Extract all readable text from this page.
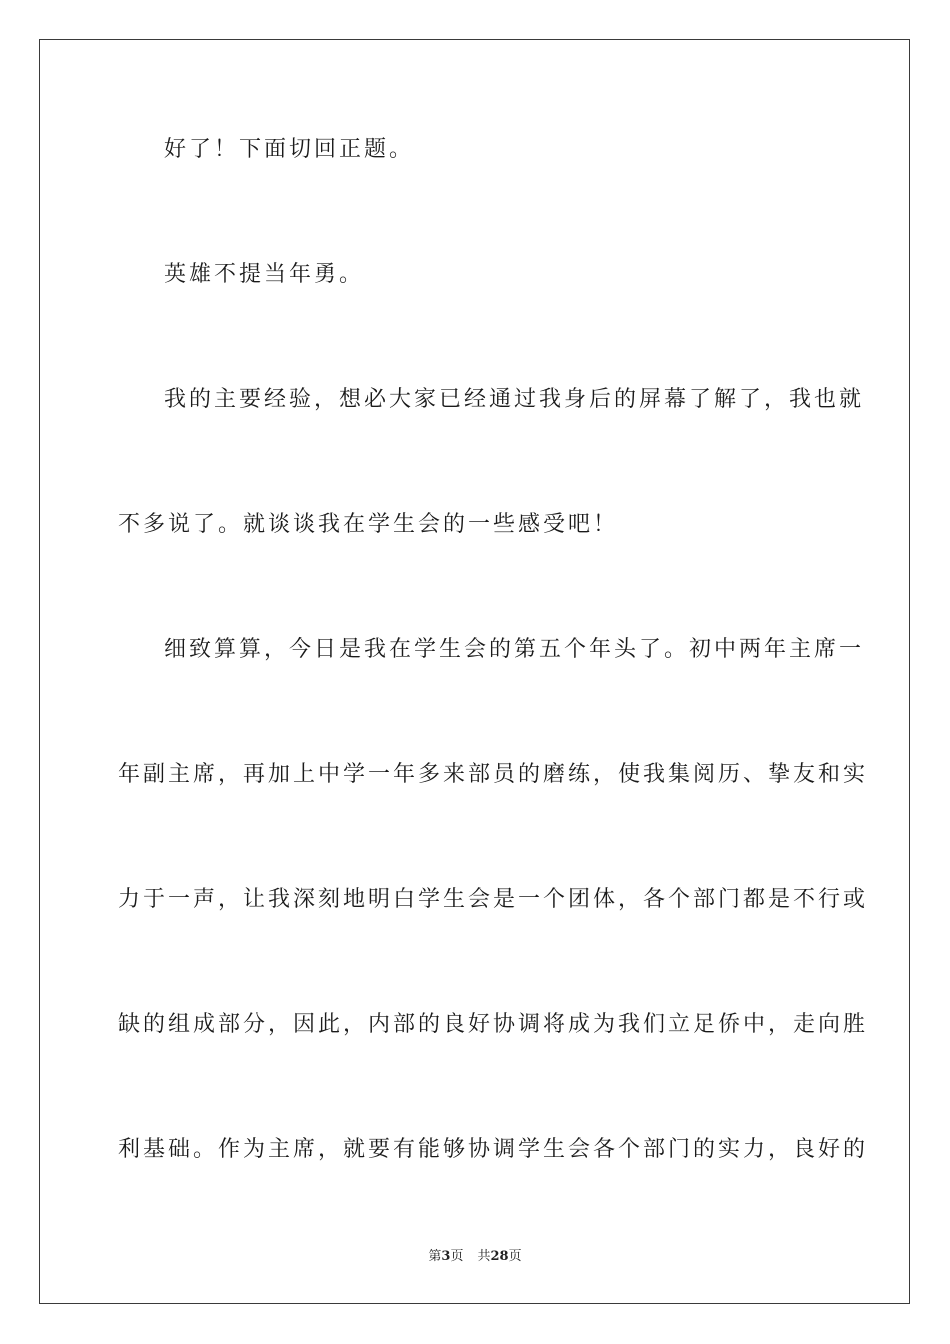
好了！下面切回正题。
英雄不提当年勇。
我的主要经验，想必大家已经通过我身后的屏幕了解了，我也就
不多说了。就谈谈我在学生会的一些感受吧！
细致算算，今日是我在学生会的第五个年头了。初中两年主席一
年副主席，再加上中学一年多来部员的磨练，使我集阅历、挚友和实
力于一声，让我深刻地明白学生会是一个团体，各个部门都是不行或
缺的组成部分，因此，内部的良好协调将成为我们立足侨中，走向胜
利基础。作为主席，就要有能够协调学生会各个部门的实力，良好的
第3页 共28页
